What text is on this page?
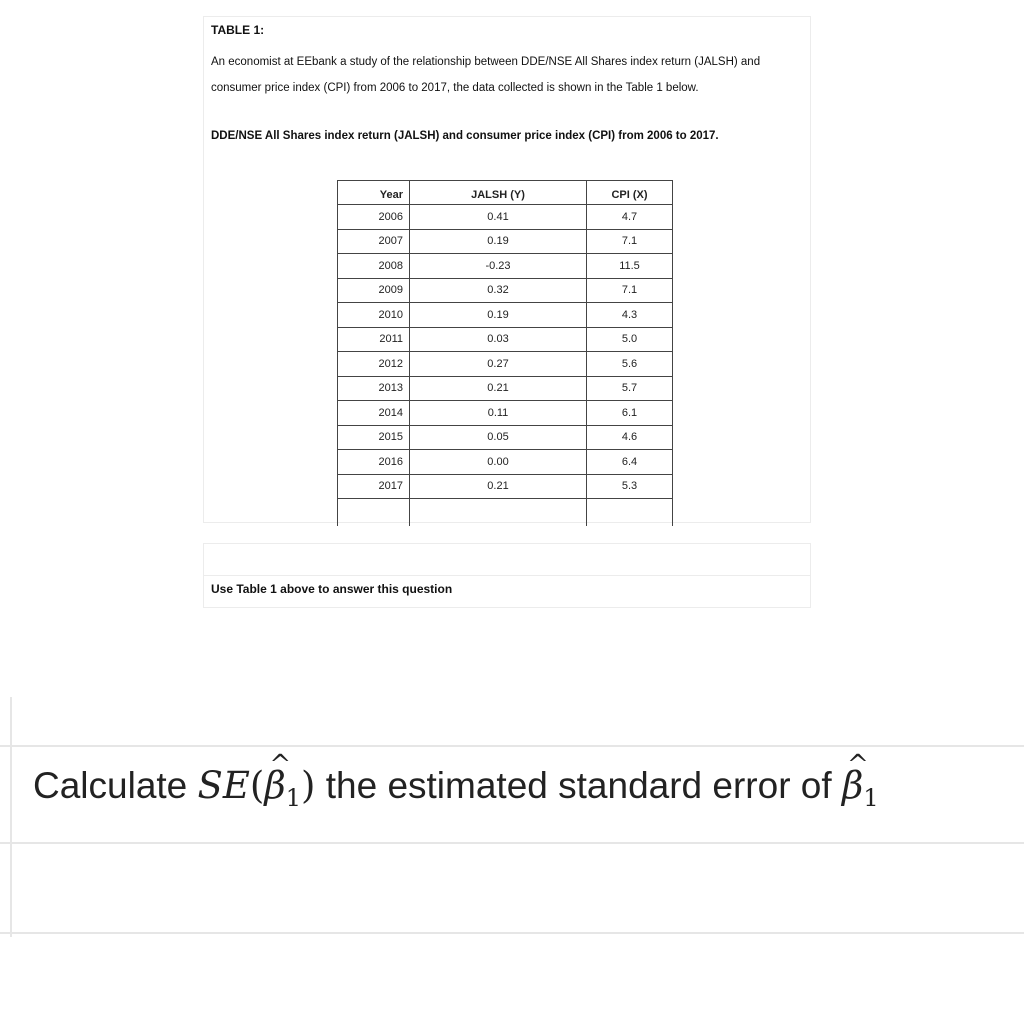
TABLE 1:

An economist at EEbank a study of the relationship between DDE/NSE All Shares index return (JALSH) and consumer price index (CPI) from 2006 to 2017, the data collected is shown in the Table 1 below.

DDE/NSE All Shares index return (JALSH) and consumer price index (CPI) from 2006 to 2017.
Year	JALSH (Y)	CPI (X)
2006	0.41	4.7
2007	0.19	7.1
2008	-0.23	11.5
2009	0.32	7.1
2010	0.19	4.3
2011	0.03	5.0
2012	0.27	5.6
2013	0.21	5.7
2014	0.11	6.1
2015	0.05	4.6
2016	0.00	6.4
2017	0.21	5.3

Use Table 1 above to answer this question
Calculate SE(^ $\beta_1$) the estimated standard error of ^ $\beta_1$
